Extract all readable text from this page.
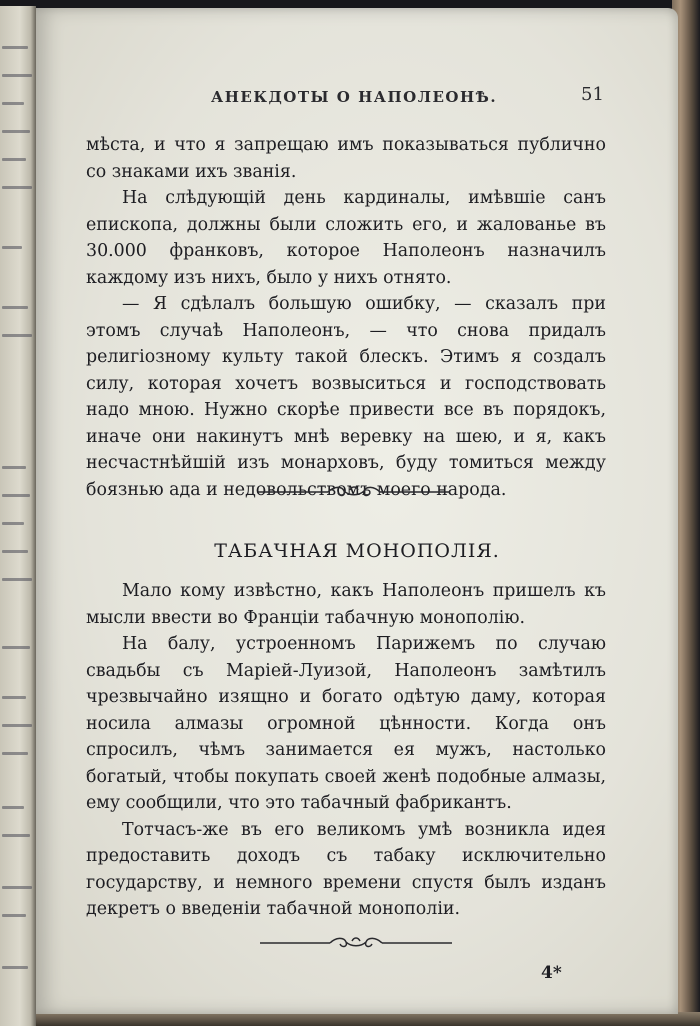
АНЕКДОТЫ О НАПОЛЕОНѢ.	51

мѣста, и что я запрещаю имъ показываться публично со знаками ихъ званія.

На слѣдующій день кардиналы, имѣвшіе санъ епископа, должны были сложить его, и жалованье въ 30.000 франковъ, которое Наполеонъ назначилъ каждому изъ нихъ, было у нихъ отнято.

— Я сдѣлалъ большую ошибку, — сказалъ при этомъ случаѣ Наполеонъ, — что снова придалъ религіозному культу такой блескъ. Этимъ я создалъ силу, которая хочетъ возвыситься и господствовать надо мною. Нужно скорѣе привести все въ порядокъ, иначе они накинутъ мнѣ веревку на шею, и я, какъ несчастнѣйшій изъ монарховъ, буду томиться между боязнью ада и недовольствомъ моего народа.

ТАБАЧНАЯ МОНОПОЛІЯ.

Мало кому извѣстно, какъ Наполеонъ пришелъ къ мысли ввести во Франціи табачную монополію.

На балу, устроенномъ Парижемъ по случаю свадьбы съ Маріей-Луизой, Наполеонъ замѣтилъ чрезвычайно изящно и богато одѣтую даму, которая носила алмазы огромной цѣнности. Когда онъ спросилъ, чѣмъ занимается ея мужъ, настолько богатый, чтобы покупать своей женѣ подобные алмазы, ему сообщили, что это табачный фабрикантъ.

Тотчасъ-же въ его великомъ умѣ возникла идея предоставить доходъ съ табаку исключительно государству, и немного времени спустя былъ изданъ декретъ о введеніи табачной монополіи.

4*
